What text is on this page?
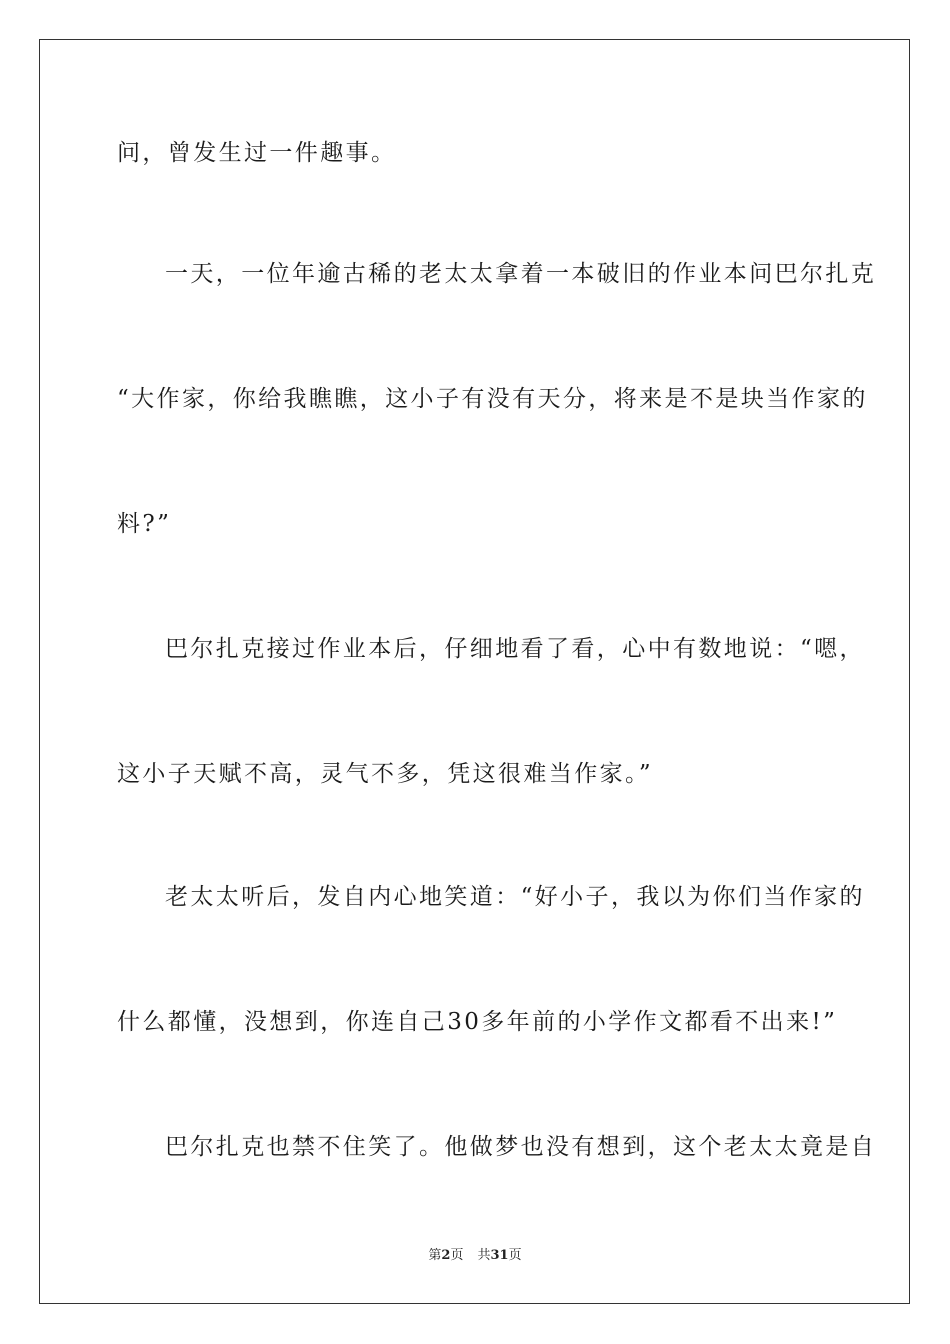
问，曾发生过一件趣事。
一天，一位年逾古稀的老太太拿着一本破旧的作业本问巴尔扎克
“大作家，你给我瞧瞧，这小子有没有天分，将来是不是块当作家的
料?”
巴尔扎克接过作业本后，仔细地看了看，心中有数地说：“嗯，
这小子天赋不高，灵气不多，凭这很难当作家。”
老太太听后，发自内心地笑道：“好小子，我以为你们当作家的
什么都懂，没想到，你连自己30多年前的小学作文都看不出来!”
巴尔扎克也禁不住笑了。他做梦也没有想到，这个老太太竟是自
第2页 共31页
